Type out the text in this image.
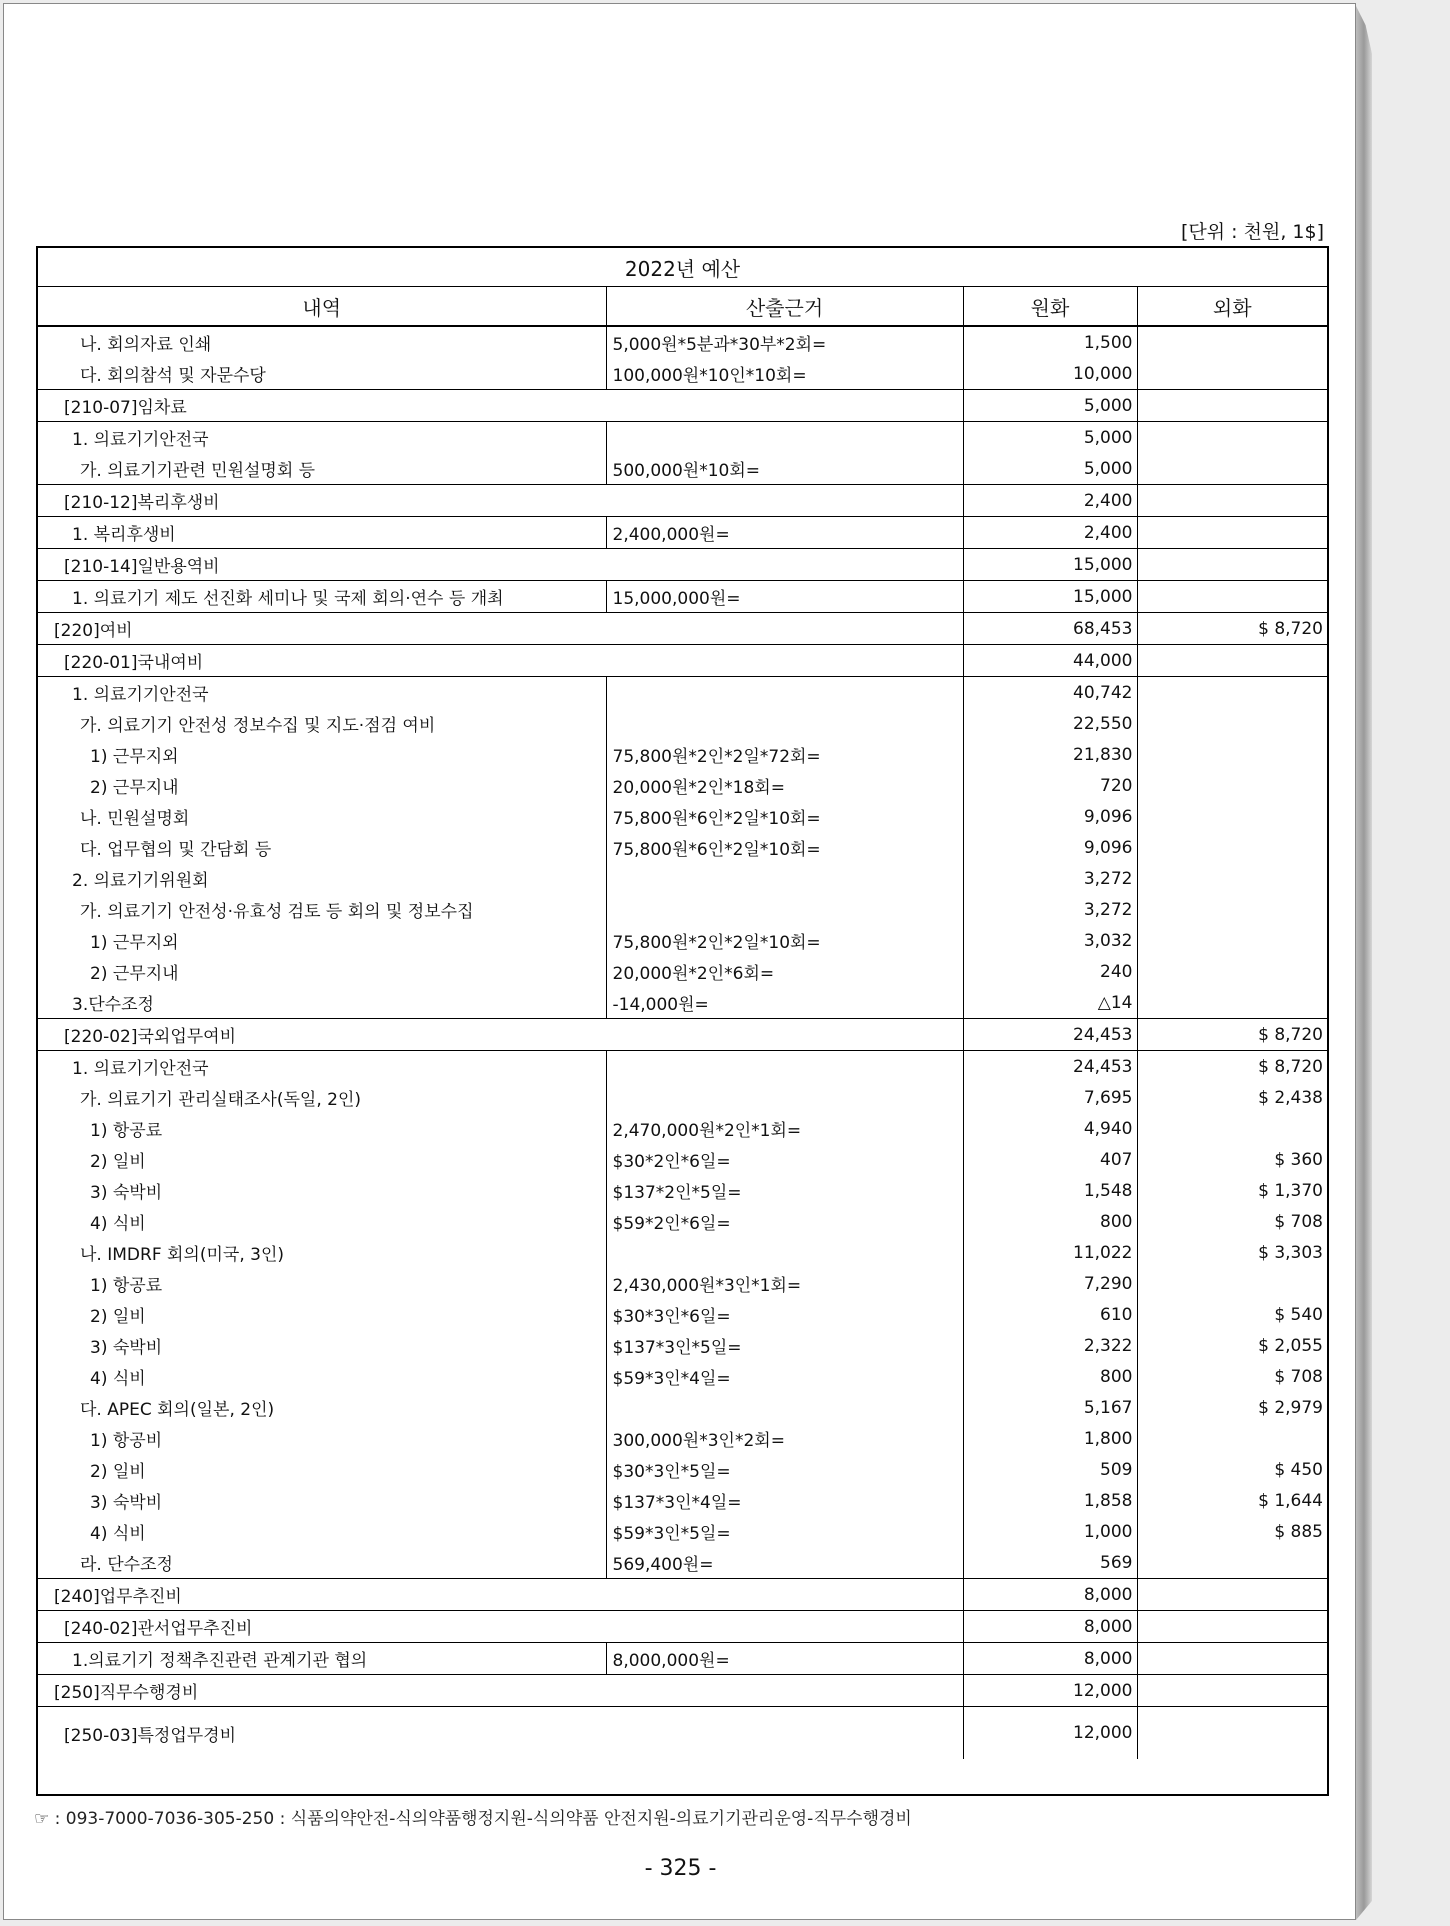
[단위 : 천원, 1$]
2022년 예산			
내역	산출근거	원화	외화
나. 회의자료 인쇄	5,000원*5분과*30부*2회=	1,500	
다. 회의참석 및 자문수당	100,000원*10인*10회=	10,000	
[210-07]임차료		5,000	
1. 의료기기안전국		5,000	
가. 의료기기관련 민원설명회 등	500,000원*10회=	5,000	
[210-12]복리후생비		2,400	
1. 복리후생비	2,400,000원=	2,400	
[210-14]일반용역비		15,000	
1. 의료기기 제도 선진화 세미나 및 국제 회의·연수 등 개최	15,000,000원=	15,000	
[220]여비		68,453	$ 8,720
[220-01]국내여비		44,000	
1. 의료기기안전국		40,742	
가. 의료기기 안전성 정보수집 및 지도·점검 여비		22,550	
1) 근무지외	75,800원*2인*2일*72회=	21,830	
2) 근무지내	20,000원*2인*18회=	720	
나. 민원설명회	75,800원*6인*2일*10회=	9,096	
다. 업무협의 및 간담회 등	75,800원*6인*2일*10회=	9,096	
2. 의료기기위원회		3,272	
가. 의료기기 안전성·유효성 검토 등 회의 및 정보수집		3,272	
1) 근무지외	75,800원*2인*2일*10회=	3,032	
2) 근무지내	20,000원*2인*6회=	240	
3.단수조정	-14,000원=	△14	
[220-02]국외업무여비		24,453	$ 8,720
1. 의료기기안전국		24,453	$ 8,720
가. 의료기기 관리실태조사(독일, 2인)		7,695	$ 2,438
1) 항공료	2,470,000원*2인*1회=	4,940	
2) 일비	$30*2인*6일=	407	$ 360
3) 숙박비	$137*2인*5일=	1,548	$ 1,370
4) 식비	$59*2인*6일=	800	$ 708
나. IMDRF 회의(미국, 3인)		11,022	$ 3,303
1) 항공료	2,430,000원*3인*1회=	7,290	
2) 일비	$30*3인*6일=	610	$ 540
3) 숙박비	$137*3인*5일=	2,322	$ 2,055
4) 식비	$59*3인*4일=	800	$ 708
다. APEC 회의(일본, 2인)		5,167	$ 2,979
1) 항공비	300,000원*3인*2회=	1,800	
2) 일비	$30*3인*5일=	509	$ 450
3) 숙박비	$137*3인*4일=	1,858	$ 1,644
4) 식비	$59*3인*5일=	1,000	$ 885
라. 단수조정	569,400원=	569	
[240]업무추진비		8,000	
[240-02]관서업무추진비		8,000	
1.의료기기 정책추진관련 관계기관 협의	8,000,000원=	8,000	
[250]직무수행경비		12,000	
[250-03]특정업무경비		12,000	
☞ : 093-7000-7036-305-250 : 식품의약안전-식의약품행정지원-식의약품 안전지원-의료기기관리운영-직무수행경비
- 325 -
